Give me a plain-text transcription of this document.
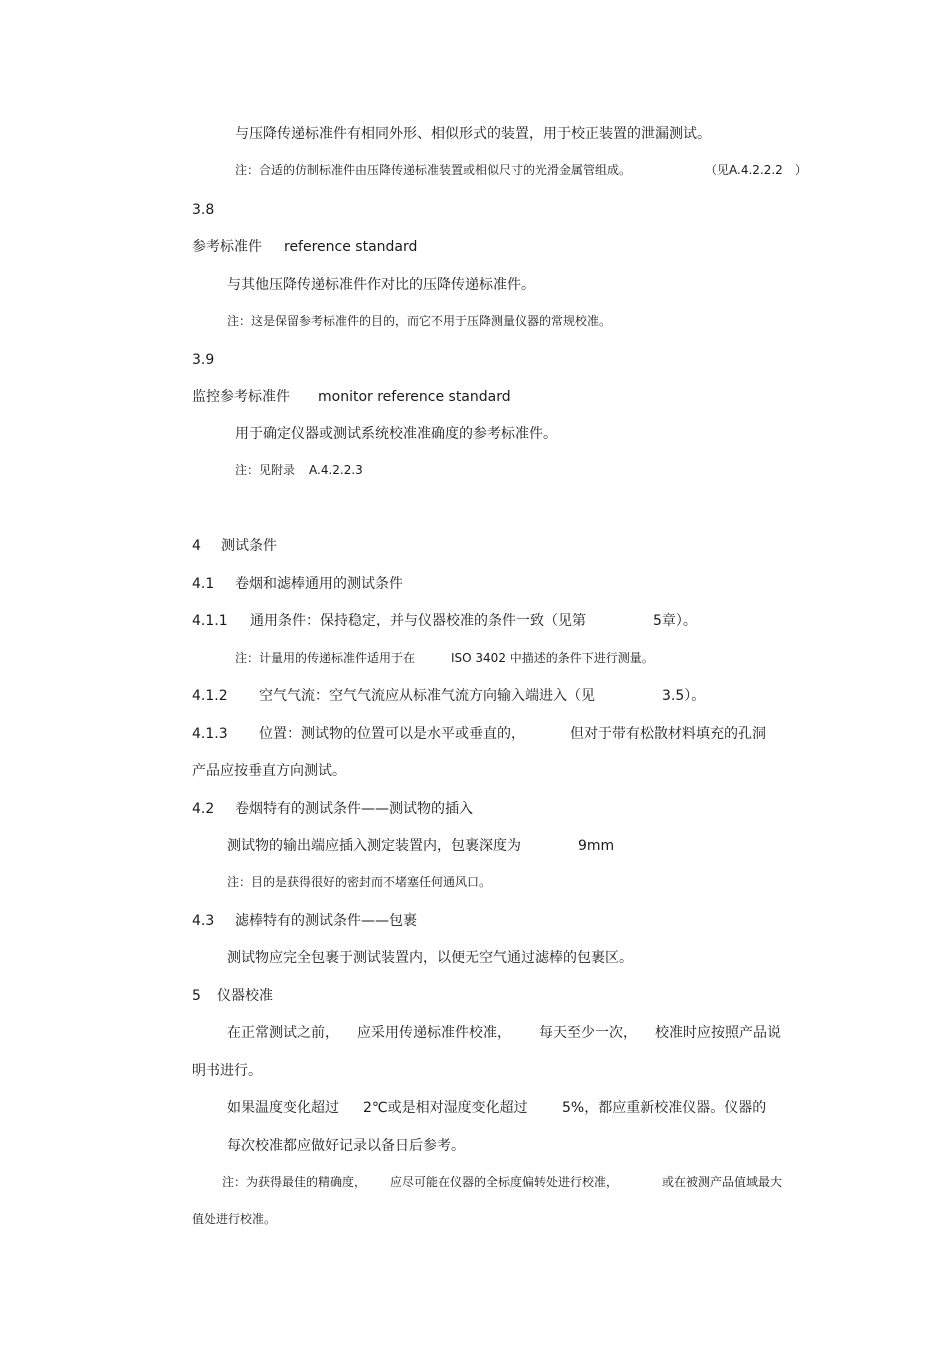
与压降传递标准件有相同外形、相似形式的装置，用于校正装置的泄漏测试。
注：合适的仿制标准件由压降传递标准装置或相似尺寸的光滑金属管组成。	（见 A.4.2.2.2 ）
3.8
参考标准件 reference standard
与其他压降传递标准件作对比的压降传递标准件。
注：这是保留参考标准件的目的，而它不用于压降测量仪器的常规校准。
3.9
监控参考标准件 monitor reference standard
用于确定仪器或测试系统校准准确度的参考标准件。
注：见附录 A.4.2.2.3
4 测试条件
4.1 卷烟和滤棒通用的测试条件
4.1.1 通用条件：保持稳定，并与仪器校准的条件一致（见第	5章）。
注：计量用的传递标准件适用于在	ISO 3402 中描述的条件下进行测量。
4.1.2 空气气流：空气气流应从标准气流方向输入端进入（见	3.5）。
4.1.3 位置：测试物的位置可以是水平或垂直的，	但对于带有松散材料填充的孔洞
产品应按垂直方向测试。
4.2 卷烟特有的测试条件——测试物的插入
测试物的输出端应插入测定装置内，包裹深度为	9mm
注：目的是获得很好的密封而不堵塞任何通风口。
4.3 滤棒特有的测试条件——包裹
测试物应完全包裹于测试装置内，以便无空气通过滤棒的包裹区。
5 仪器校准
在正常测试之前， 应采用传递标准件校准， 每天至少一次， 校准时应按照产品说
明书进行。
如果温度变化超过 2℃或是相对湿度变化超过 5%，都应重新校准仪器。仪器的
每次校准都应做好记录以备日后参考。
注：为获得最佳的精确度， 应尽可能在仪器的全标度偏转处进行校准，	或在被测产品值域最大
值处进行校准。
